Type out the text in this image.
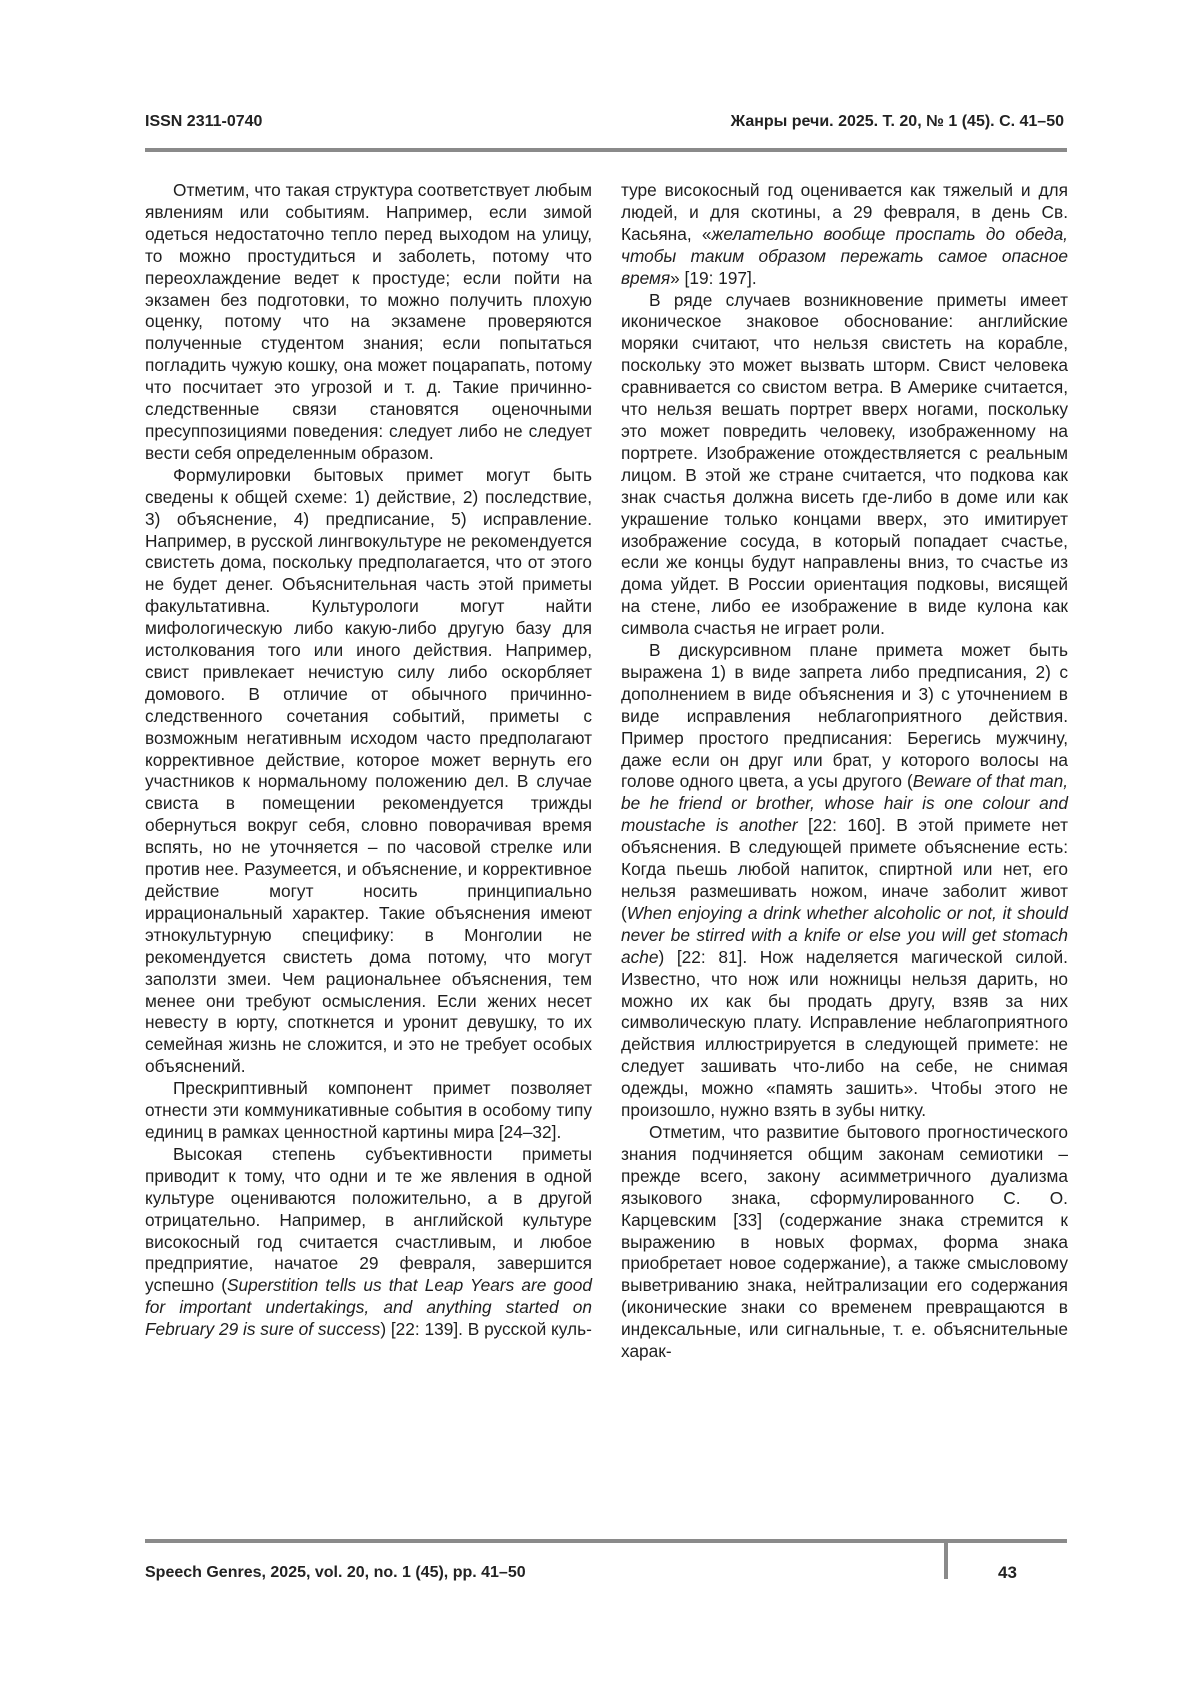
ISSN 2311-0740	Жанры речи. 2025. Т. 20, № 1 (45). С. 41–50

Отметим, что такая структура соответствует любым явлениям или событиям. Например, если зимой одеться недостаточно тепло перед выходом на улицу, то можно простудиться и заболеть, потому что переохлаждение ведет к простуде; если пойти на экзамен без подготовки, то можно получить плохую оценку, потому что на экзамене проверяются полученные студентом знания; если попытаться погладить чужую кошку, она может поцарапать, потому что посчитает это угрозой и т. д. Такие причинно-следственные связи становятся оценочными пресуппозициями поведения: следует либо не следует вести себя определенным образом.

Формулировки бытовых примет могут быть сведены к общей схеме: 1) действие, 2) последствие, 3) объяснение, 4) предписание, 5) исправление. Например, в русской лингвокультуре не рекомендуется свистеть дома, поскольку предполагается, что от этого не будет денег. Объяснительная часть этой приметы факультативна. Культурологи могут найти мифологическую либо какую-либо другую базу для истолкования того или иного действия. Например, свист привлекает нечистую силу либо оскорбляет домового. В отличие от обычного причинно-следственного сочетания событий, приметы с возможным негативным исходом часто предполагают коррективное действие, которое может вернуть его участников к нормальному положению дел. В случае свиста в помещении рекомендуется трижды обернуться вокруг себя, словно поворачивая время вспять, но не уточняется – по часовой стрелке или против нее. Разумеется, и объяснение, и коррективное действие могут носить принципиально иррациональный характер. Такие объяснения имеют этнокультурную специфику: в Монголии не рекомендуется свистеть дома потому, что могут заползти змеи. Чем рациональнее объяснения, тем менее они требуют осмысления. Если жених несет невесту в юрту, споткнется и уронит девушку, то их семейная жизнь не сложится, и это не требует особых объяснений.

Прескриптивный компонент примет позволяет отнести эти коммуникативные события в особому типу единиц в рамках ценностной картины мира [24–32].

Высокая степень субъективности приметы приводит к тому, что одни и те же явления в одной культуре оцениваются положительно, а в другой отрицательно. Например, в английской культуре високосный год считается счастливым, и любое предприятие, начатое 29 февраля, завершится успешно (Superstition tells us that Leap Years are good for important undertakings, and anything started on February 29 is sure of success) [22: 139]. В русской куль-

туре високосный год оценивается как тяжелый и для людей, и для скотины, а 29 февраля, в день Св. Касьяна, «желательно вообще проспать до обеда, чтобы таким образом пережать самое опасное время» [19: 197].

В ряде случаев возникновение приметы имеет иконическое знаковое обоснование: английские моряки считают, что нельзя свистеть на корабле, поскольку это может вызвать шторм. Свист человека сравнивается со свистом ветра. В Америке считается, что нельзя вешать портрет вверх ногами, поскольку это может повредить человеку, изображенному на портрете. Изображение отождествляется с реальным лицом. В этой же стране считается, что подкова как знак счастья должна висеть где-либо в доме или как украшение только концами вверх, это имитирует изображение сосуда, в который попадает счастье, если же концы будут направлены вниз, то счастье из дома уйдет. В России ориентация подковы, висящей на стене, либо ее изображение в виде кулона как символа счастья не играет роли.

В дискурсивном плане примета может быть выражена 1) в виде запрета либо предписания, 2) с дополнением в виде объяснения и 3) с уточнением в виде исправления неблагоприятного действия. Пример простого предписания: Берегись мужчину, даже если он друг или брат, у которого волосы на голове одного цвета, а усы другого (Beware of that man, be he friend or brother, whose hair is one colour and moustache is another [22: 160]. В этой примете нет объяснения. В следующей примете объяснение есть: Когда пьешь любой напиток, спиртной или нет, его нельзя размешивать ножом, иначе заболит живот (When enjoying a drink whether alcoholic or not, it should never be stirred with a knife or else you will get stomach ache) [22: 81]. Нож наделяется магической силой. Известно, что нож или ножницы нельзя дарить, но можно их как бы продать другу, взяв за них символическую плату. Исправление неблагоприятного действия иллюстрируется в следующей примете: не следует зашивать что-либо на себе, не снимая одежды, можно «память зашить». Чтобы этого не произошло, нужно взять в зубы нитку.

Отметим, что развитие бытового прогностического знания подчиняется общим законам семиотики – прежде всего, закону асимметричного дуализма языкового знака, сформулированного С. О. Карцевским [33] (содержание знака стремится к выражению в новых формах, форма знака приобретает новое содержание), а также смысловому выветриванию знака, нейтрализации его содержания (иконические знаки со временем превращаются в индексальные, или сигнальные, т. е. объяснительные харак-

Speech Genres, 2025, vol. 20, no. 1 (45), pp. 41–50	43
